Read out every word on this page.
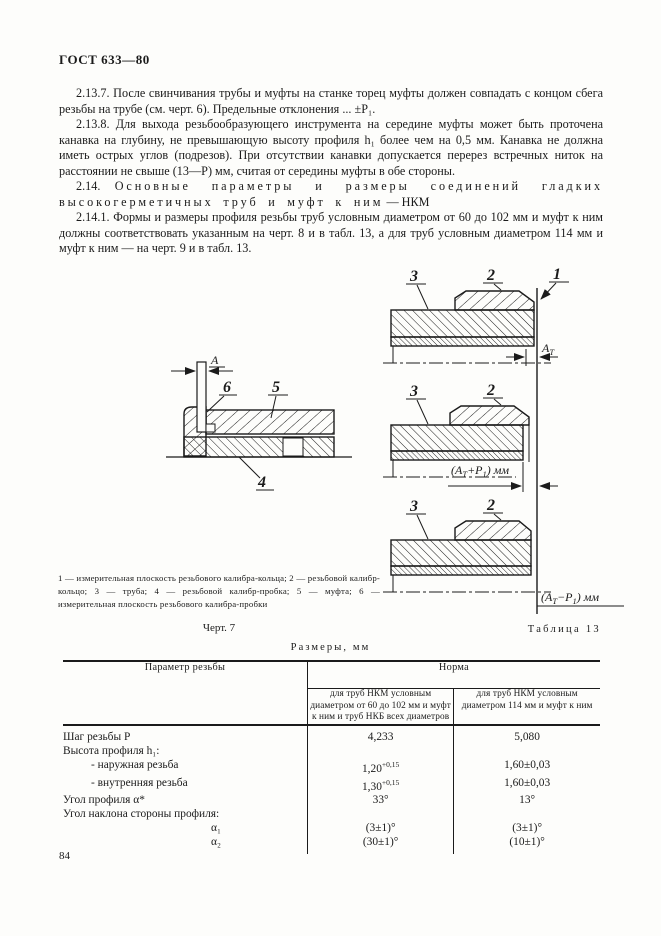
ГОСТ 633—80

2.13.7. После свинчивания трубы и муфты на станке торец муфты должен совпадать с концом сбега резьбы на трубе (см. черт. 6). Предельные отклонения ... ±P₁.

2.13.8. Для выхода резьбообразующего инструмента на середине муфты может быть проточена канавка на глубину, не превышающую высоту профиля h₁ более чем на 0,5 мм. Канавка не должна иметь острых углов (подрезов). При отсутствии канавки допускается перерез встречных ниток на расстоянии не свыше (13—P) мм, считая от середины муфты в обе стороны.

2.14. Основные параметры и размеры соединений гладких высокогерметичных труб и муфт к ним — НКМ

2.14.1. Формы и размеры профиля резьбы труб условным диаметром от 60 до 102 мм и муфт к ним должны соответствовать указанным на черт. 8 и в табл. 13, а для труб условным диаметром 114 мм и муфт к ним — на черт. 9 и в табл. 13.

3	2	1
$A_Т$
3	2
$(A_Т+P_1)$ мм
3	2
$(A_Т-P_1)$ мм
А
6	5
4
1 — измерительная плоскость резьбового калибра-кольца; 2 — резьбовой калибр-кольцо; 3 — труба; 4 — резьбовой калибр-пробка; 5 — муфта; 6 — измерительная плоскость резьбового калибра-пробки
Черт. 7	Таблица 13
Размеры, мм
Параметр резьбы	Норма	
	для труб НКМ условным диаметром от 60 до 102 мм и муфт к ним и труб НКБ всех диаметров	для труб НКМ условным диаметром 114 мм и муфт к ним
Шаг резьбы P	4,233	5,080
Высота профиля h₁:		
- наружная резьба	$1,20^{+0,15}$	1,60±0,03
- внутренняя резьба	$1,30^{+0,15}$	1,60±0,03
Угол профиля α*	33°	13°
Угол наклона стороны профиля:		
α₁	(3±1)°	(3±1)°
α₂	(30±1)°	(10±1)°
84
